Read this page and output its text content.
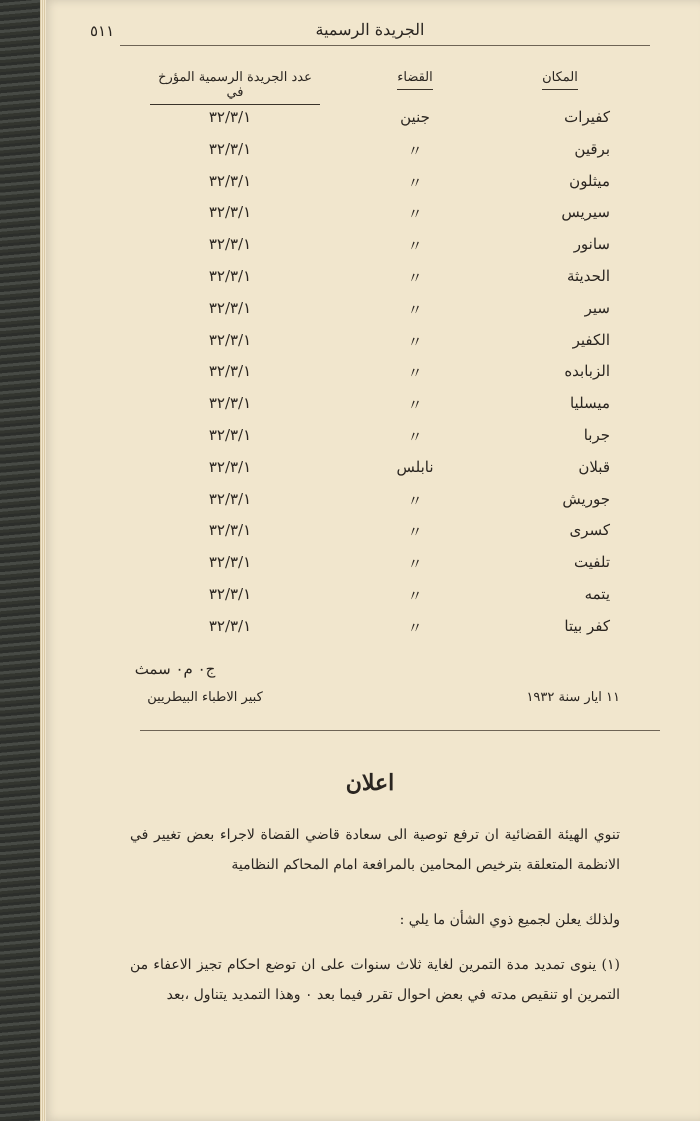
٥١١	الجريدة الرسمية
المكان
القضاء
عدد الجريدة الرسمية المؤرخ في
كفيرات
جنين
٣٢/٣/١
برقين
〃
٣٢/٣/١
ميثلون
〃
٣٢/٣/١
سيريس
〃
٣٢/٣/١
سانور
〃
٣٢/٣/١
الحديثة
〃
٣٢/٣/١
سير
〃
٣٢/٣/١
الكفير
〃
٣٢/٣/١
الزبابده
〃
٣٢/٣/١
ميسليا
〃
٣٢/٣/١
جربا
〃
٣٢/٣/١
قبلان
نابلس
٣٢/٣/١
جوريش
〃
٣٢/٣/١
كسرى
〃
٣٢/٣/١
تلفيت
〃
٣٢/٣/١
يتمه
〃
٣٢/٣/١
كفر بيتا
〃
٣٢/٣/١
ج٠ م٠ سمث
كبير الاطباء البيطريين	١١ ايار سنة ١٩٣٢
اعلان
تنوي الهيئة القضائية ان ترفع توصية الى سعادة قاضي القضاة لاجراء بعض تغيير في الانظمة المتعلقة بترخيص المحامين بالمرافعة امام المحاكم النظامية
ولذلك يعلن لجميع ذوي الشأن ما يلي :
(١) ينوى تمديد مدة التمرين لغاية ثلاث سنوات على ان توضع احكام تجيز الاعفاء من التمرين او تنقيص مدته في بعض احوال تقرر فيما بعد ٠ وهذا التمديد يتناول ،بعد
